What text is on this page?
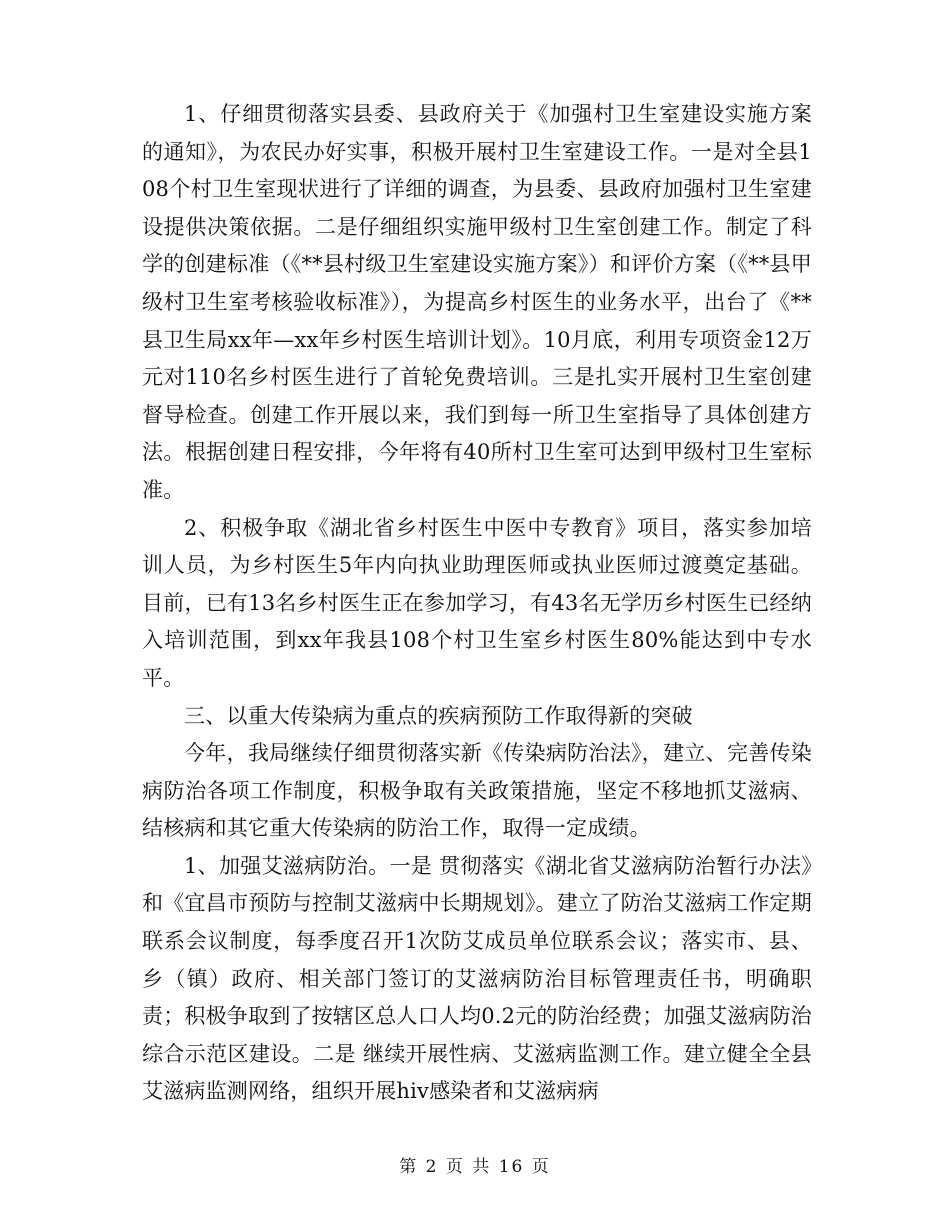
1、仔细贯彻落实县委、县政府关于《加强村卫生室建设实施方案的通知》，为农民办好实事，积极开展村卫生室建设工作。一是对全县108个村卫生室现状进行了详细的调查，为县委、县政府加强村卫生室建设提供决策依据。二是仔细组织实施甲级村卫生室创建工作。制定了科学的创建标准（《**县村级卫生室建设实施方案》）和评价方案（《**县甲级村卫生室考核验收标准》），为提高乡村医生的业务水平，出台了《**县卫生局xx年—xx年乡村医生培训计划》。10月底，利用专项资金12万元对110名乡村医生进行了首轮免费培训。三是扎实开展村卫生室创建督导检查。创建工作开展以来，我们到每一所卫生室指导了具体创建方法。根据创建日程安排，今年将有40所村卫生室可达到甲级村卫生室标准。

2、积极争取《湖北省乡村医生中医中专教育》项目，落实参加培训人员，为乡村医生5年内向执业助理医师或执业医师过渡奠定基础。目前，已有13名乡村医生正在参加学习，有43名无学历乡村医生已经纳入培训范围，到xx年我县108个村卫生室乡村医生80%能达到中专水平。

三、以重大传染病为重点的疾病预防工作取得新的突破

今年，我局继续仔细贯彻落实新《传染病防治法》，建立、完善传染病防治各项工作制度，积极争取有关政策措施，坚定不移地抓艾滋病、结核病和其它重大传染病的防治工作，取得一定成绩。

1、加强艾滋病防治。一是 贯彻落实《湖北省艾滋病防治暂行办法》和《宜昌市预防与控制艾滋病中长期规划》。建立了防治艾滋病工作定期联系会议制度，每季度召开1次防艾成员单位联系会议；落实市、县、乡（镇）政府、相关部门签订的艾滋病防治目标管理责任书，明确职责；积极争取到了按辖区总人口人均0.2元的防治经费；加强艾滋病防治综合示范区建设。二是 继续开展性病、艾滋病监测工作。建立健全全县艾滋病监测网络，组织开展hiv感染者和艾滋病病

第 2 页 共 16 页
